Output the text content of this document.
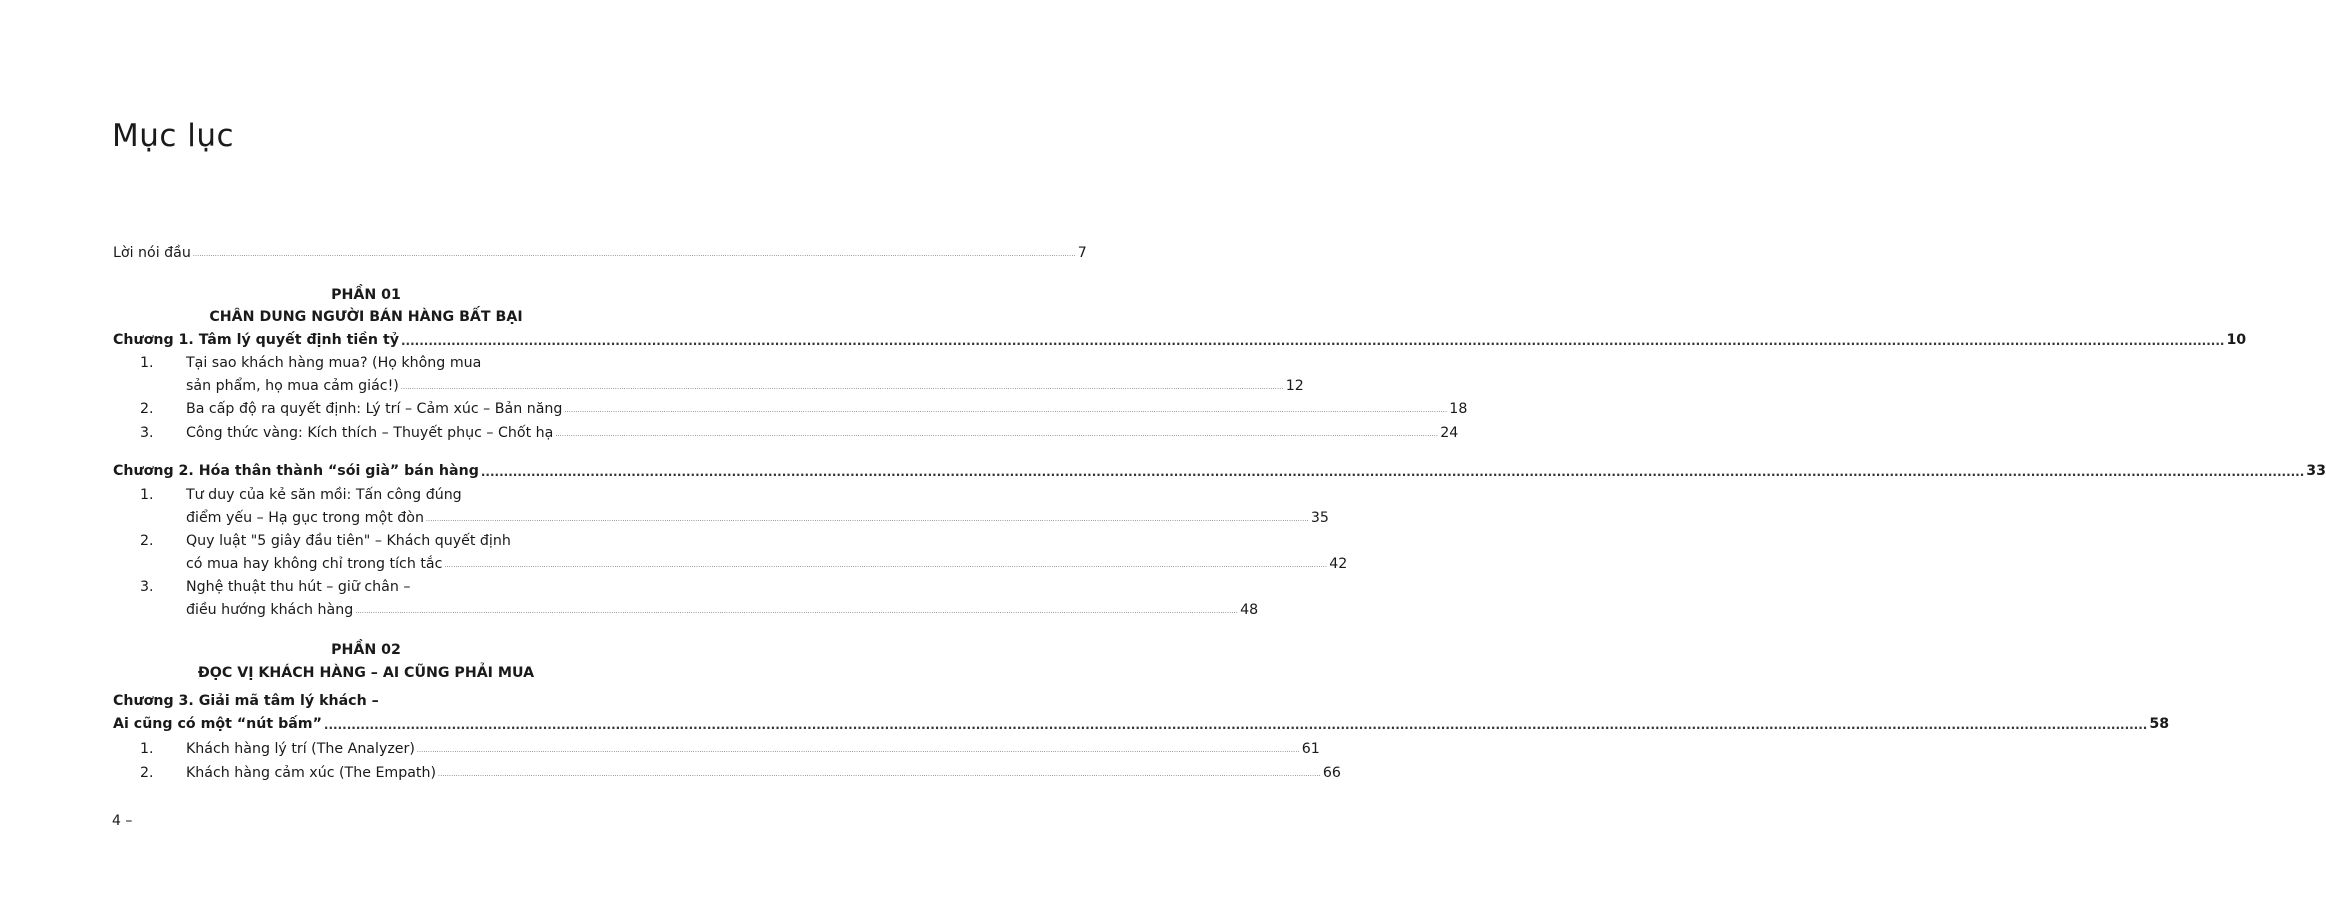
Mục lục
Lời nói đầu ................................................................................................................................................................................................................................................................................................................................................................................................................ 7
PHẦN 01
CHÂN DUNG NGƯỜI BÁN HÀNG BẤT BẠI
Chương 1. Tâm lý quyết định tiền tỷ ................................................................................................................................................................................................................................................................................................................................................................................................................ 10
1. Tại sao khách hàng mua? (Họ không mua
sản phẩm, họ mua cảm giác!) ................................................................................................................................................................................................................................................................................................................................................................................................................ 12
2. Ba cấp độ ra quyết định: Lý trí – Cảm xúc – Bản năng ................................................................................................................................................................................................................................................................................................................................................................................................................ 18
3. Công thức vàng: Kích thích – Thuyết phục – Chốt hạ ................................................................................................................................................................................................................................................................................................................................................................................................................ 24
Chương 2. Hóa thân thành “sói già” bán hàng ................................................................................................................................................................................................................................................................................................................................................................................................................ 33
1. Tư duy của kẻ săn mồi: Tấn công đúng
điểm yếu – Hạ gục trong một đòn ................................................................................................................................................................................................................................................................................................................................................................................................................ 35
2. Quy luật "5 giây đầu tiên" – Khách quyết định
có mua hay không chỉ trong tích tắc ................................................................................................................................................................................................................................................................................................................................................................................................................ 42
3. Nghệ thuật thu hút – giữ chân –
điều hướng khách hàng ................................................................................................................................................................................................................................................................................................................................................................................................................ 48
PHẦN 02
ĐỌC VỊ KHÁCH HÀNG – AI CŨNG PHẢI MUA
Chương 3. Giải mã tâm lý khách –
Ai cũng có một “nút bấm” ................................................................................................................................................................................................................................................................................................................................................................................................................ 58
1. Khách hàng lý trí (The Analyzer) ................................................................................................................................................................................................................................................................................................................................................................................................................ 61
2. Khách hàng cảm xúc (The Empath) ................................................................................................................................................................................................................................................................................................................................................................................................................ 66
4 –
